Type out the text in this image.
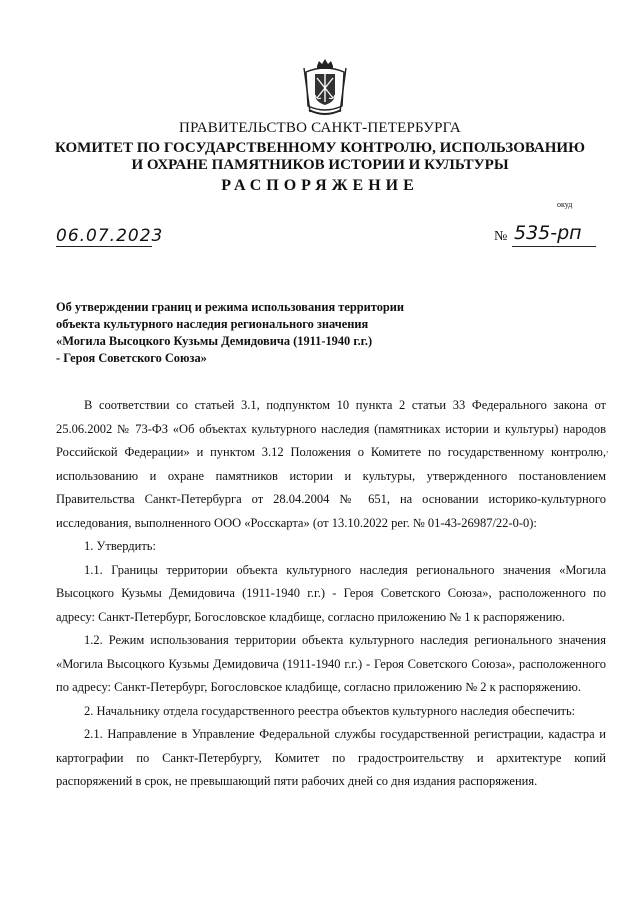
ПРАВИТЕЛЬСТВО САНКТ-ПЕТЕРБУРГА
КОМИТЕТ ПО ГОСУДАРСТВЕННОМУ КОНТРОЛЮ, ИСПОЛЬЗОВАНИЮ
И ОХРАНЕ ПАМЯТНИКОВ ИСТОРИИ И КУЛЬТУРЫ
РАСПОРЯЖЕНИЕ
окуд
06.07.2023	№ 535-рп
Об утверждении границ и режима использования территории
объекта культурного наследия регионального значения
«Могила Высоцкого Кузьмы Демидовича (1911-1940 г.г.)
- Героя Советского Союза»

В соответствии со статьей 3.1, подпунктом 10 пункта 2 статьи 33 Федерального закона от 25.06.2002 № 73-ФЗ «Об объектах культурного наследия (памятниках истории и культуры) народов Российской Федерации» и пунктом 3.12 Положения о Комитете по государственному контролю, использованию и охране памятников истории и культуры, утвержденного постановлением Правительства Санкт-Петербурга от 28.04.2004 № 651, на основании историко-культурного исследования, выполненного ООО «Росскарта» (от 13.10.2022 рег. № 01-43-26987/22-0-0):

1. Утвердить:

1.1. Границы территории объекта культурного наследия регионального значения «Могила Высоцкого Кузьмы Демидовича (1911-1940 г.г.) - Героя Советского Союза», расположенного по адресу: Санкт-Петербург, Богословское кладбище, согласно приложению № 1 к распоряжению.

1.2. Режим использования территории объекта культурного наследия регионального значения «Могила Высоцкого Кузьмы Демидовича (1911-1940 г.г.) - Героя Советского Союза», расположенного по адресу: Санкт-Петербург, Богословское кладбище, согласно приложению № 2 к распоряжению.

2. Начальнику отдела государственного реестра объектов культурного наследия обеспечить:

2.1. Направление в Управление Федеральной службы государственной регистрации, кадастра и картографии по Санкт-Петербургу, Комитет по градостроительству и архитектуре копий распоряжений в срок, не превышающий пяти рабочих дней со дня издания распоряжения.

,
